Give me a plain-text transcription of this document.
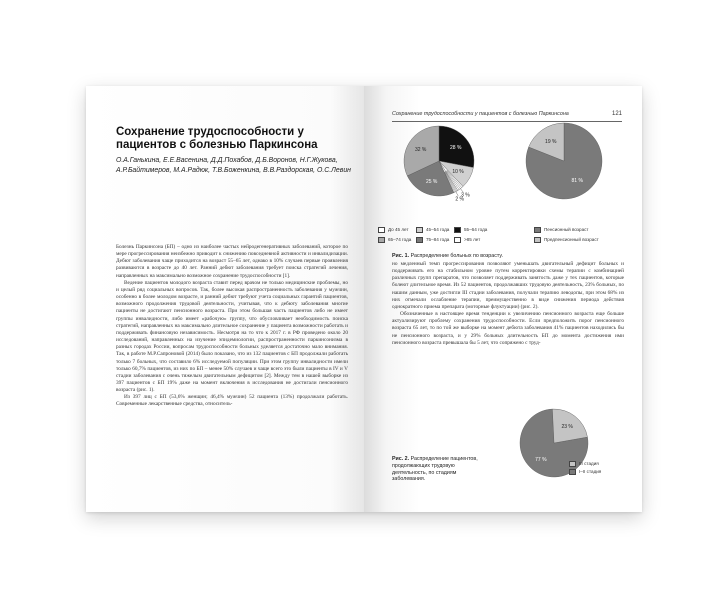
Сохранение трудоспособности у пациентов с болезнью Паркинсона
О.А.Ганькина, Е.Е.Васенина, Д.Д.Похабов, Д.Б.Воронов, Н.Г.Жукова, А.Р.Байтимеров, М.А.Радюк, Т.В.Боженкина, В.В.Раздорская, О.С.Левин

Болезнь Паркинсона (БП) – одно из наиболее частых нейродегенеративных заболеваний, которое по мере прогрессирования неизбежно приводит к снижению повседневной активности и инвалидизации. Дебют заболевания чаще приходится на возраст 55–65 лет, однако в 10% случаев первые проявления развиваются в возрасте до 40 лет. Ранний дебют заболевания требует поиска стратегий лечения, направленных на максимально возможное сохранение трудоспособности [1].

Ведение пациентов молодого возраста ставит перед врачом не только медицинские проблемы, но и целый ряд социальных вопросов. Так, более высокая распространенность заболевания у мужчин, особенно в более молодом возрасте, и ранний дебют требуют учета социальных гарантий пациентов, возможного продолжения трудовой деятельности, учитывая, что к дебюту заболевания многие пациенты не достигают пенсионного возраста. При этом большая часть пациентов либо не имеет группы инвалидности, либо имеет «рабочую» группу, что обусловливает необходимость поиска стратегий, направленных на максимально длительное сохранение у пациента возможности работать и поддерживать финансовую независимость. Несмотря на то что к 2017 г. в РФ проведено около 20 исследований, направленных на изучение эпидемиологии, распространенности паркинсонизма в разных городах России, вопросам трудоспособности больных уделяется достаточно мало внимания. Так, в работе М.Р.Сапроновой (2014) было показано, что из 132 пациентов с БП продолжали работать только 7 больных, что составило 6% исследуемой популяции. При этом группу инвалидности имели только 60,7% пациентов, из них по БП – менее 50% случаев и чаще всего это были пациенты в IV и V стадии заболевания с очень тяжелым двигательным дефицитом [2]. Между тем в нашей выборке из 397 пациентов с БП 19% даже на момент включения в исследования не достигали пенсионного возраста (рис. 1).

Из 397 лиц с БП (53,6% женщин; 46,4% мужчин) 52 пациента (13%) продолжали работать. Современные лекарственные средства, относитель-

Сохранение трудоспособности у пациентов с болезнью Паркинсона	121
28 %
10 %
3 %
2 %
25 %
32 %
81 %
19 %
77 %
23 %
До 45 лет	45–54 года	55–64 года
65–74 года	75–84 года	>85 лет
Пенсионный возраст
Предпенсионный возраст
Рис. 1. Распределение больных по возрасту.

но медленный темп прогрессирования позволяют уменьшать двигательный дефицит больных и поддерживать его на стабильном уровне путем корректировки схемы терапии с комбинацией различных групп препаратов, что позволяет поддерживать занятость даже у тех пациентов, которые болеют длительное время. Из 52 пациентов, продолжавших трудовую деятельность, 23% больных, по нашим данным, уже достигли III стадии заболевания, получали терапию леводопы, при этом 68% из них отмечали ослабление терапии, преимущественно в виде снижения периода действия однократного приема препарата (моторные флуктуации) (рис. 2).

Обозначенные в настоящее время тенденции к увеличению пенсионного возраста еще больше актуализируют проблему сохранения трудоспособности. Если предположить порог пенсионного возраста 65 лет, то по той же выборке на момент дебюта заболевания 41% пациентов находились бы не пенсионного возраста, и у 29% больных длительность БП до момента достижения ими пенсионного возраста превышала бы 5 лет, что сопряжено с труд-

Рис. 2. Распределение пациентов, продолжающих трудовую деятельность, по стадиям заболевания.
III стадия
I–II стадия
